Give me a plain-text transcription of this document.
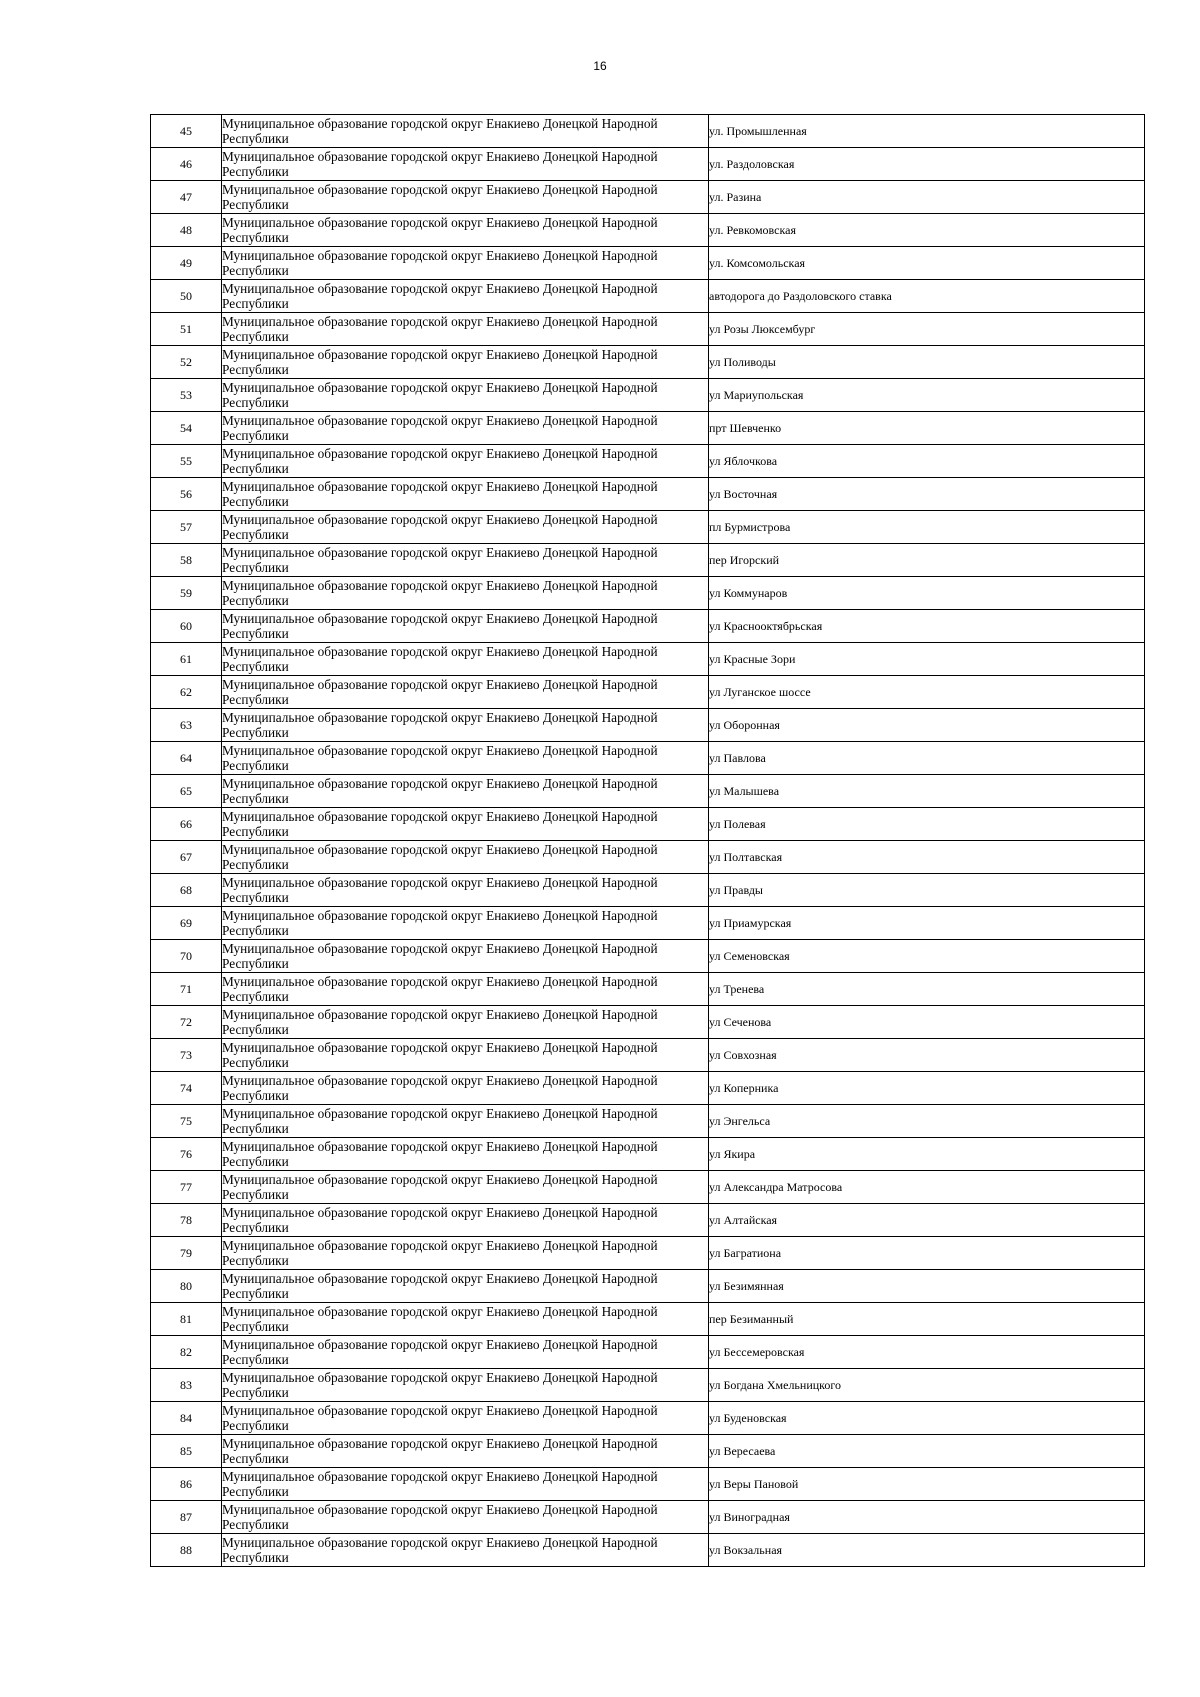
16
45	Муниципальное образование городской округ Енакиево Донецкой Народной Республики	ул. Промышленная
46	Муниципальное образование городской округ Енакиево Донецкой Народной Республики	ул. Раздоловская
47	Муниципальное образование городской округ Енакиево Донецкой Народной Республики	ул. Разина
48	Муниципальное образование городской округ Енакиево Донецкой Народной Республики	ул. Ревкомовская
49	Муниципальное образование городской округ Енакиево Донецкой Народной Республики	ул. Комсомольская
50	Муниципальное образование городской округ Енакиево Донецкой Народной Республики	автодорога до Раздоловского ставка
51	Муниципальное образование городской округ Енакиево Донецкой Народной Республики	ул Розы Люксембург
52	Муниципальное образование городской округ Енакиево Донецкой Народной Республики	ул Поливоды
53	Муниципальное образование городской округ Енакиево Донецкой Народной Республики	ул Мариупольская
54	Муниципальное образование городской округ Енакиево Донецкой Народной Республики	прт Шевченко
55	Муниципальное образование городской округ Енакиево Донецкой Народной Республики	ул Яблочкова
56	Муниципальное образование городской округ Енакиево Донецкой Народной Республики	ул Восточная
57	Муниципальное образование городской округ Енакиево Донецкой Народной Республики	пл Бурмистрова
58	Муниципальное образование городской округ Енакиево Донецкой Народной Республики	пер Игорский
59	Муниципальное образование городской округ Енакиево Донецкой Народной Республики	ул Коммунаров
60	Муниципальное образование городской округ Енакиево Донецкой Народной Республики	ул Краснооктябрьская
61	Муниципальное образование городской округ Енакиево Донецкой Народной Республики	ул Красные Зори
62	Муниципальное образование городской округ Енакиево Донецкой Народной Республики	ул Луганское шоссе
63	Муниципальное образование городской округ Енакиево Донецкой Народной Республики	ул Оборонная
64	Муниципальное образование городской округ Енакиево Донецкой Народной Республики	ул Павлова
65	Муниципальное образование городской округ Енакиево Донецкой Народной Республики	ул Малышева
66	Муниципальное образование городской округ Енакиево Донецкой Народной Республики	ул Полевая
67	Муниципальное образование городской округ Енакиево Донецкой Народной Республики	ул Полтавская
68	Муниципальное образование городской округ Енакиево Донецкой Народной Республики	ул Правды
69	Муниципальное образование городской округ Енакиево Донецкой Народной Республики	ул Приамурская
70	Муниципальное образование городской округ Енакиево Донецкой Народной Республики	ул Семеновская
71	Муниципальное образование городской округ Енакиево Донецкой Народной Республики	ул Тренева
72	Муниципальное образование городской округ Енакиево Донецкой Народной Республики	ул Сеченова
73	Муниципальное образование городской округ Енакиево Донецкой Народной Республики	ул Совхозная
74	Муниципальное образование городской округ Енакиево Донецкой Народной Республики	ул Коперника
75	Муниципальное образование городской округ Енакиево Донецкой Народной Республики	ул Энгельса
76	Муниципальное образование городской округ Енакиево Донецкой Народной Республики	ул Якира
77	Муниципальное образование городской округ Енакиево Донецкой Народной Республики	ул Александра Матросова
78	Муниципальное образование городской округ Енакиево Донецкой Народной Республики	ул Алтайская
79	Муниципальное образование городской округ Енакиево Донецкой Народной Республики	ул Багратиона
80	Муниципальное образование городской округ Енакиево Донецкой Народной Республики	ул Безимянная
81	Муниципальное образование городской округ Енакиево Донецкой Народной Республики	пер Безиманный
82	Муниципальное образование городской округ Енакиево Донецкой Народной Республики	ул Бессемеровская
83	Муниципальное образование городской округ Енакиево Донецкой Народной Республики	ул Богдана Хмельницкого
84	Муниципальное образование городской округ Енакиево Донецкой Народной Республики	ул Буденовская
85	Муниципальное образование городской округ Енакиево Донецкой Народной Республики	ул Вересаева
86	Муниципальное образование городской округ Енакиево Донецкой Народной Республики	ул Веры Пановой
87	Муниципальное образование городской округ Енакиево Донецкой Народной Республики	ул Виноградная
88	Муниципальное образование городской округ Енакиево Донецкой Народной Республики	ул Вокзальная
